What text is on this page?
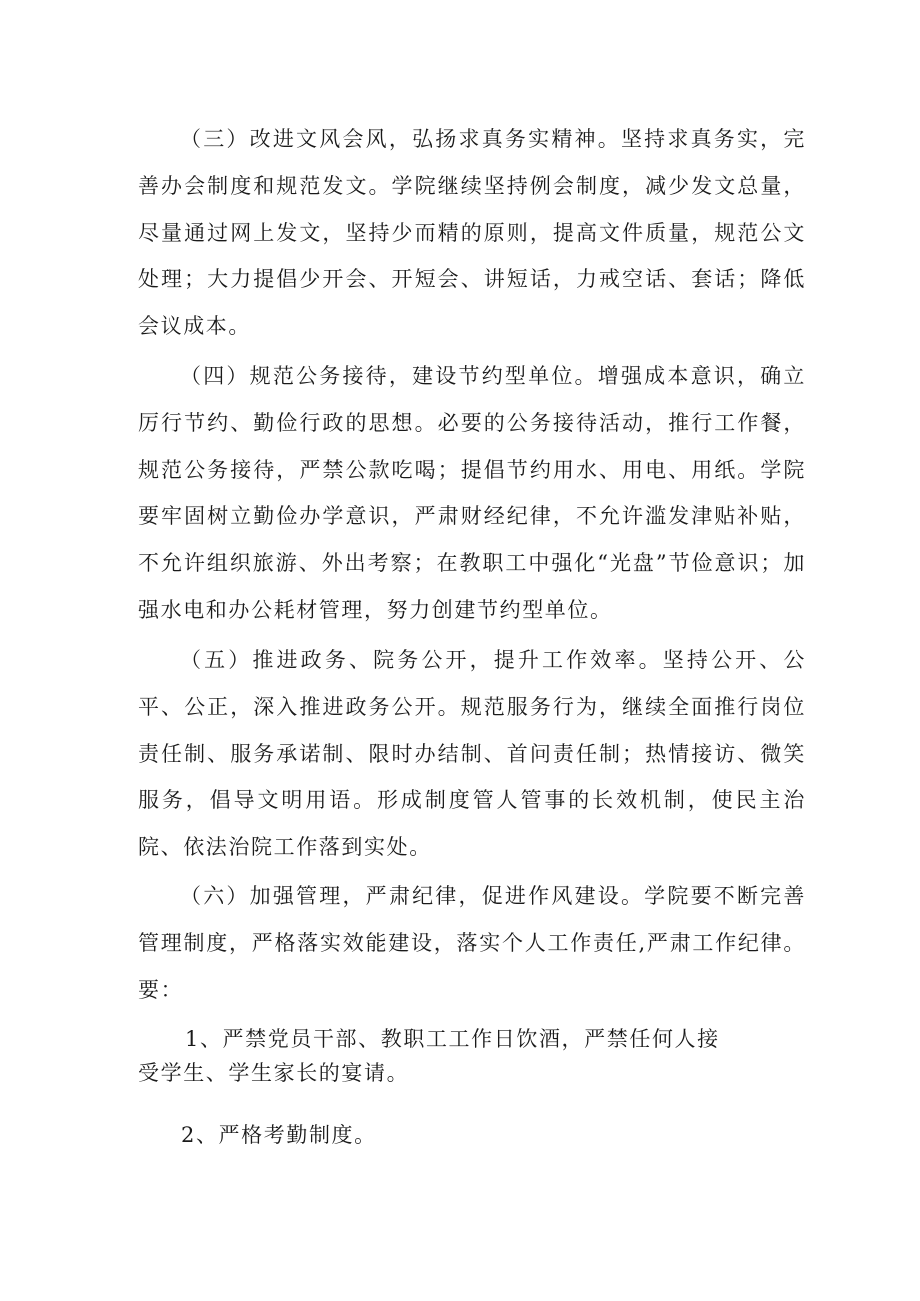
（三）改进文风会风，弘扬求真务实精神。坚持求真务实，完善办会制度和规范发文。学院继续坚持例会制度，减少发文总量，尽量通过网上发文，坚持少而精的原则，提高文件质量，规范公文处理；大力提倡少开会、开短会、讲短话，力戒空话、套话；降低会议成本。

（四）规范公务接待，建设节约型单位。增强成本意识，确立厉行节约、勤俭行政的思想。必要的公务接待活动，推行工作餐，规范公务接待，严禁公款吃喝；提倡节约用水、用电、用纸。学院要牢固树立勤俭办学意识，严肃财经纪律，不允许滥发津贴补贴，不允许组织旅游、外出考察；在教职工中强化“光盘”节俭意识；加强水电和办公耗材管理，努力创建节约型单位。

（五）推进政务、院务公开，提升工作效率。坚持公开、公平、公正，深入推进政务公开。规范服务行为，继续全面推行岗位责任制、服务承诺制、限时办结制、首问责任制；热情接访、微笑服务，倡导文明用语。形成制度管人管事的长效机制，使民主治院、依法治院工作落到实处。

（六）加强管理，严肃纪律，促进作风建设。学院要不断完善管理制度，严格落实效能建设，落实个人工作责任,严肃工作纪律。要：

1、严禁党员干部、教职工工作日饮酒，严禁任何人接
受学生、学生家长的宴请。
2、严格考勤制度。
